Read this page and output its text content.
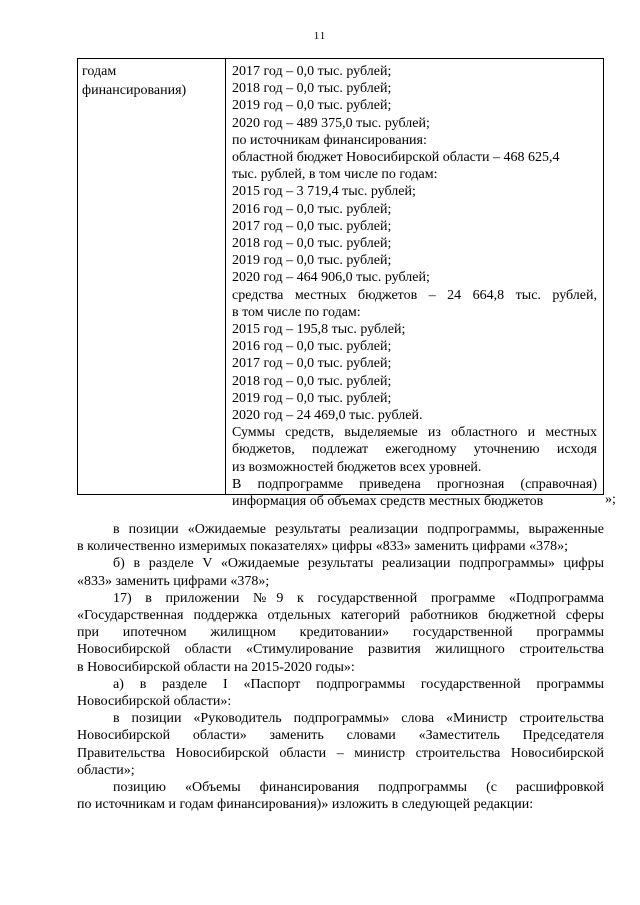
11
годам
финансирования)
2017 год – 0,0 тыс. рублей;
2018 год – 0,0 тыс. рублей;
2019 год – 0,0 тыс. рублей;
2020 год – 489 375,0 тыс. рублей;
по источникам финансирования:
областной бюджет Новосибирской области – 468 625,4
тыс. рублей, в том числе по годам:
2015 год – 3 719,4 тыс. рублей;
2016 год – 0,0 тыс. рублей;
2017 год – 0,0 тыс. рублей;
2018 год – 0,0 тыс. рублей;
2019 год – 0,0 тыс. рублей;
2020 год – 464 906,0 тыс. рублей;
средства местных бюджетов – 24 664,8 тыс. рублей,
в том числе по годам:
2015 год – 195,8 тыс. рублей;
2016 год – 0,0 тыс. рублей;
2017 год – 0,0 тыс. рублей;
2018 год – 0,0 тыс. рублей;
2019 год – 0,0 тыс. рублей;
2020 год – 24 469,0 тыс. рублей.
Суммы средств, выделяемые из областного и местных
бюджетов, подлежат ежегодному уточнению исходя
из возможностей бюджетов всех уровней.
В подпрограмме приведена прогнозная (справочная)
информация об объемах средств местных бюджетов	»;
в позиции «Ожидаемые результаты реализации подпрограммы, выраженные
в количественно измеримых показателях» цифры «833» заменить цифрами «378»;
б) в разделе V «Ожидаемые результаты реализации подпрограммы» цифры
«833» заменить цифрами «378»;
17) в приложении №9 к государственной программе «Подпрограмма
«Государственная поддержка отдельных категорий работников бюджетной сферы
при ипотечном жилищном кредитовании» государственной программы
Новосибирской области «Стимулирование развития жилищного строительства
в Новосибирской области на 2015-2020 годы»:
а) в разделе I «Паспорт подпрограммы государственной программы
Новосибирской области»:
в позиции «Руководитель подпрограммы» слова «Министр строительства
Новосибирской области» заменить словами «Заместитель Председателя
Правительства Новосибирской области – министр строительства Новосибирской
области»;
позицию «Объемы финансирования подпрограммы (с расшифровкой
по источникам и годам финансирования)» изложить в следующей редакции:
